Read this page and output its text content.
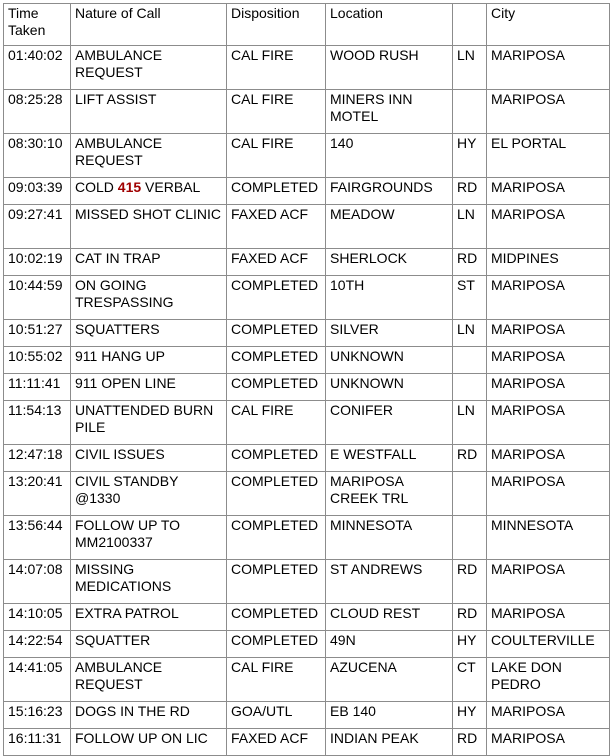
Time Taken	Nature of Call	Disposition	Location		City
01:40:02	AMBULANCE REQUEST	CAL FIRE	WOOD RUSH	LN	MARIPOSA
08:25:28	LIFT ASSIST	CAL FIRE	MINERS INN MOTEL		MARIPOSA
08:30:10	AMBULANCE REQUEST	CAL FIRE	140	HY	EL PORTAL
09:03:39	COLD 415 VERBAL	COMPLETED	FAIRGROUNDS	RD	MARIPOSA
09:27:41	MISSED SHOT CLINIC	FAXED ACF	MEADOW	LN	MARIPOSA
10:02:19	CAT IN TRAP	FAXED ACF	SHERLOCK	RD	MIDPINES
10:44:59	ON GOING TRESPASSING	COMPLETED	10TH	ST	MARIPOSA
10:51:27	SQUATTERS	COMPLETED	SILVER	LN	MARIPOSA
10:55:02	911 HANG UP	COMPLETED	UNKNOWN		MARIPOSA
11:11:41	911 OPEN LINE	COMPLETED	UNKNOWN		MARIPOSA
11:54:13	UNATTENDED BURN PILE	CAL FIRE	CONIFER	LN	MARIPOSA
12:47:18	CIVIL ISSUES	COMPLETED	E WESTFALL	RD	MARIPOSA
13:20:41	CIVIL STANDBY @1330	COMPLETED	MARIPOSA CREEK TRL		MARIPOSA
13:56:44	FOLLOW UP TO MM2100337	COMPLETED	MINNESOTA		MINNESOTA
14:07:08	MISSING MEDICATIONS	COMPLETED	ST ANDREWS	RD	MARIPOSA
14:10:05	EXTRA PATROL	COMPLETED	CLOUD REST	RD	MARIPOSA
14:22:54	SQUATTER	COMPLETED	49N	HY	COULTERVILLE
14:41:05	AMBULANCE REQUEST	CAL FIRE	AZUCENA	CT	LAKE DON PEDRO
15:16:23	DOGS IN THE RD	GOA/UTL	EB 140	HY	MARIPOSA
16:11:31	FOLLOW UP ON LIC	FAXED ACF	INDIAN PEAK	RD	MARIPOSA
